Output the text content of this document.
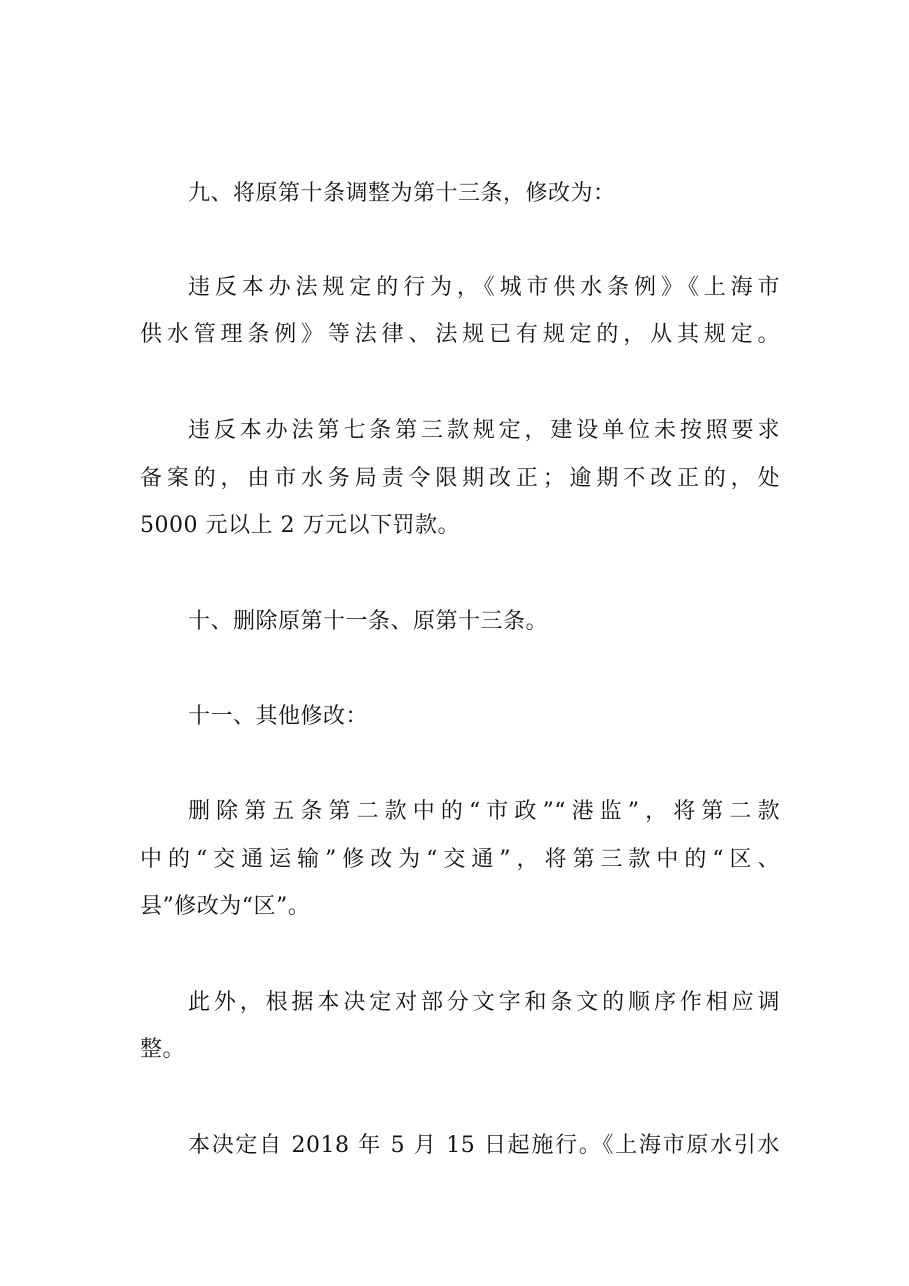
九、将原第十条调整为第十三条，修改为：
违反本办法规定的行为，《城市供水条例》《上海市
供水管理条例》等法律、法规已有规定的，从其规定。
违反本办法第七条第三款规定，建设单位未按照要求
备案的，由市水务局责令限期改正；逾期不改正的，处
5000 元以上 2 万元以下罚款。
十、删除原第十一条、原第十三条。
十一、其他修改：
删除第五条第二款中的“市政”“港监”，将第二款
中的“交通运输”修改为“交通”，将第三款中的“区、
县”修改为“区”。
此外，根据本决定对部分文字和条文的顺序作相应调
整。
本决定自 2018 年 5 月 15 日起施行。《上海市原水引水
